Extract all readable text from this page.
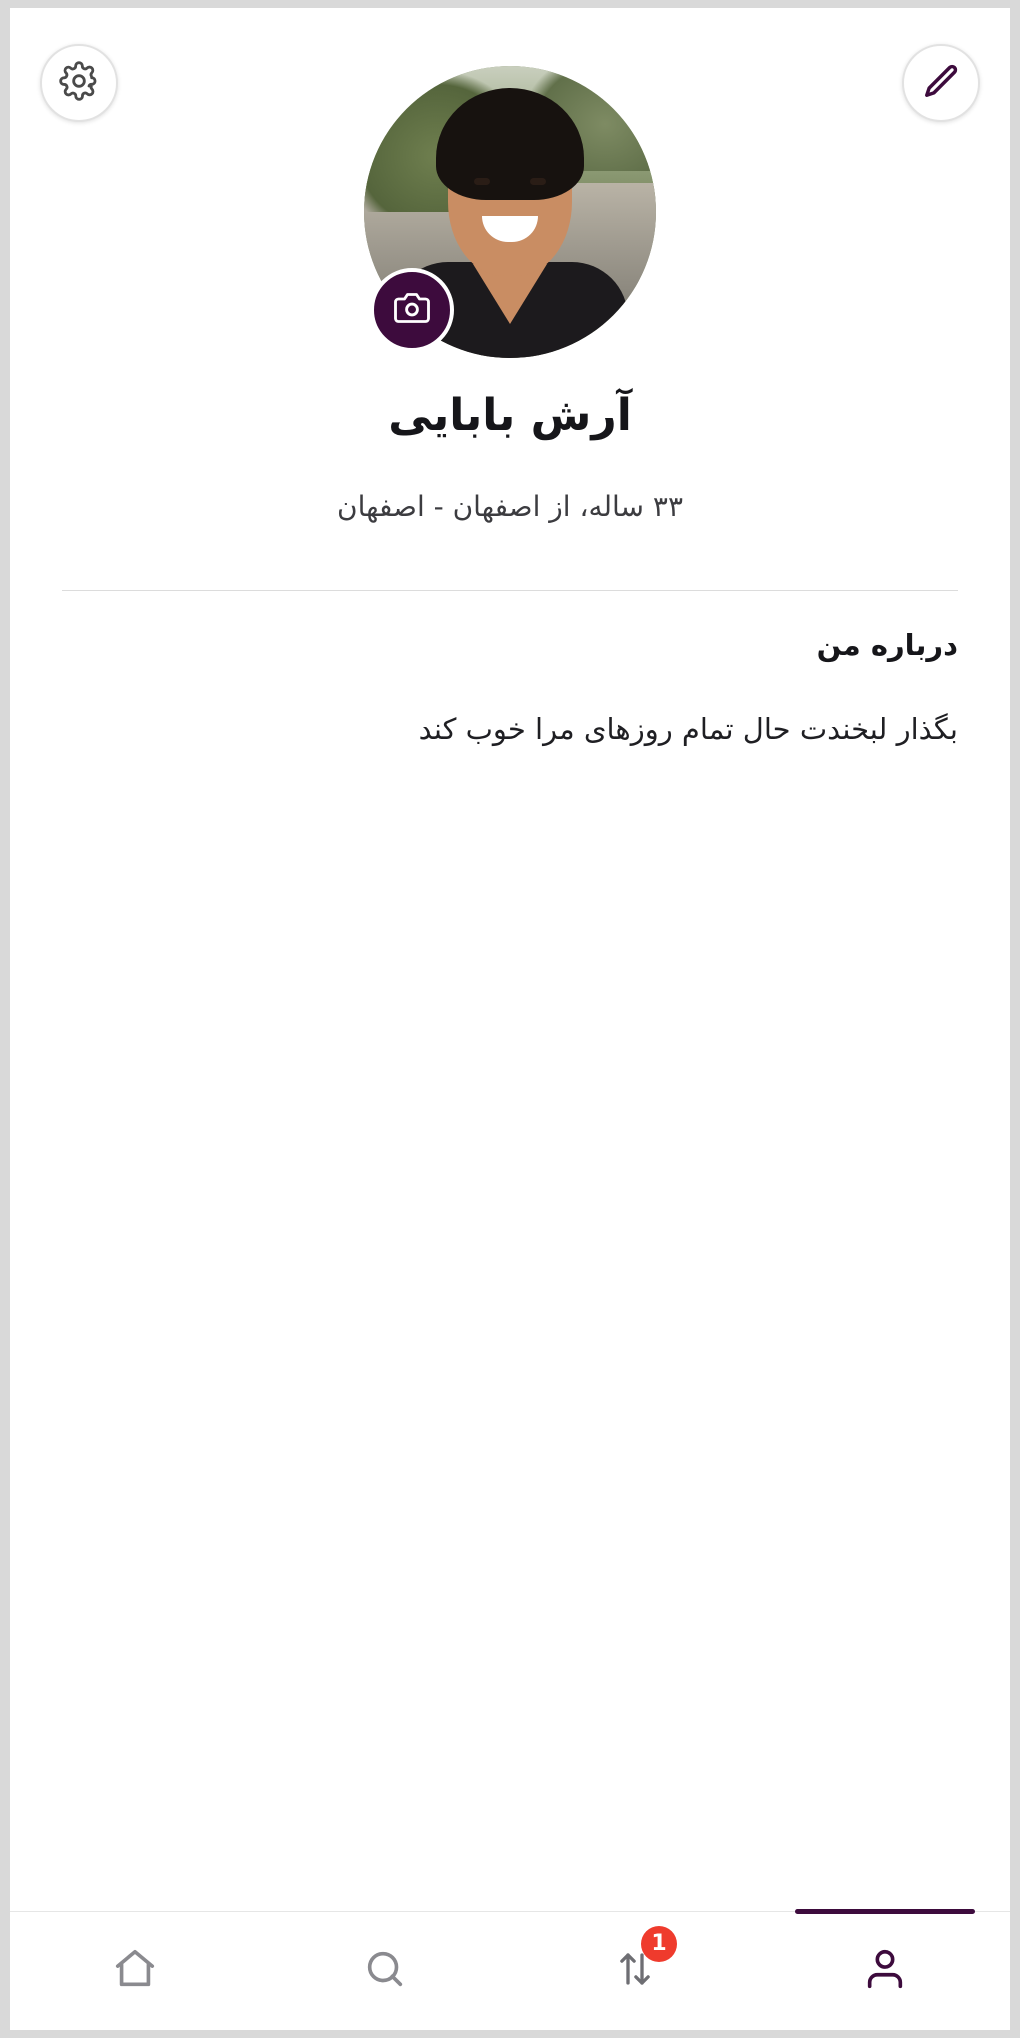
آرش بابایی
۳۳ ساله، از اصفهان - اصفهان
درباره من
بگذار لبخندت حال تمام روزهای مرا خوب کند
1
